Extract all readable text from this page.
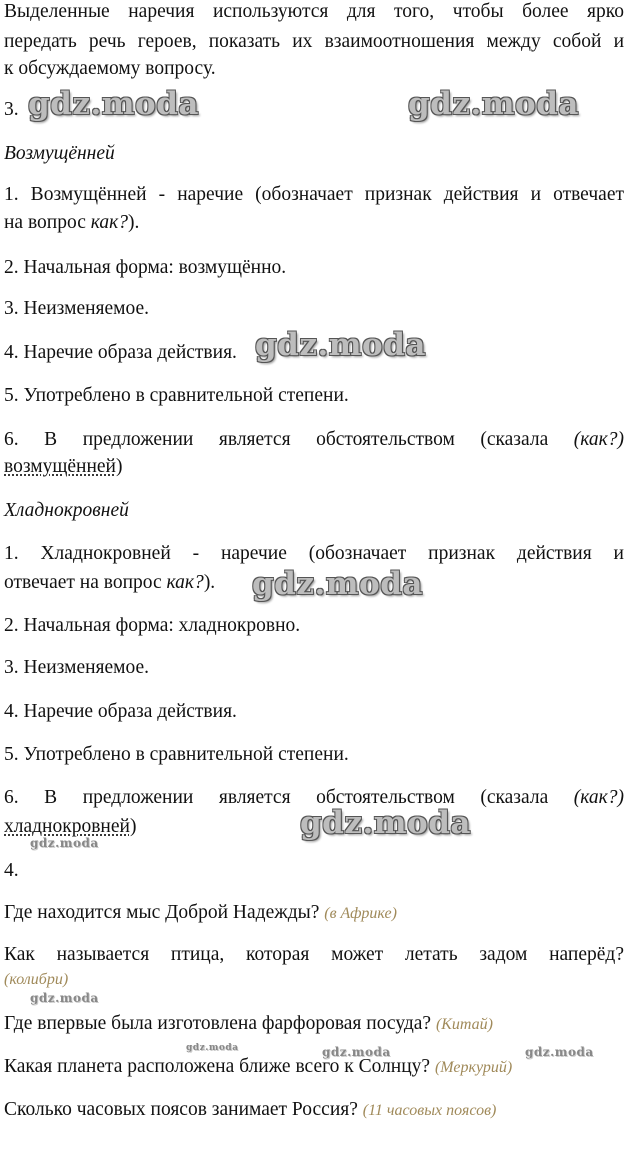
Выделенные наречия используются для того, чтобы более ярко
передать речь героев, показать их взаимоотношения между собой и
к обсуждаемому вопросу.
3.
Возмущённей
1. Возмущённей - наречие (обозначает признак действия и отвечает
на вопрос как?).
2. Начальная форма: возмущённо.
3. Неизменяемое.
4. Наречие образа действия.
5. Употреблено в сравнительной степени.
6. В предложении является обстоятельством (сказала (как?)
возмущённей)
Хладнокровней
1. Хладнокровней - наречие (обозначает признак действия и
отвечает на вопрос как?).
2. Начальная форма: хладнокровно.
3. Неизменяемое.
4. Наречие образа действия.
5. Употреблено в сравнительной степени.
6. В предложении является обстоятельством (сказала (как?)
хладнокровней)
4.
Где находится мыс Доброй Надежды? (в Африке)
Как называется птица, которая может летать задом наперёд?
(колибри)
Где впервые была изготовлена фарфоровая посуда? (Китай)
Какая планета расположена ближе всего к Солнцу? (Меркурий)
Сколько часовых поясов занимает Россия? (11 часовых поясов)
gdz.moda	gdz.moda
gdz.moda
gdz.moda
gdz.moda
gdz.moda
gdz.moda
gdz.moda	gdz.moda	gdz.moda
